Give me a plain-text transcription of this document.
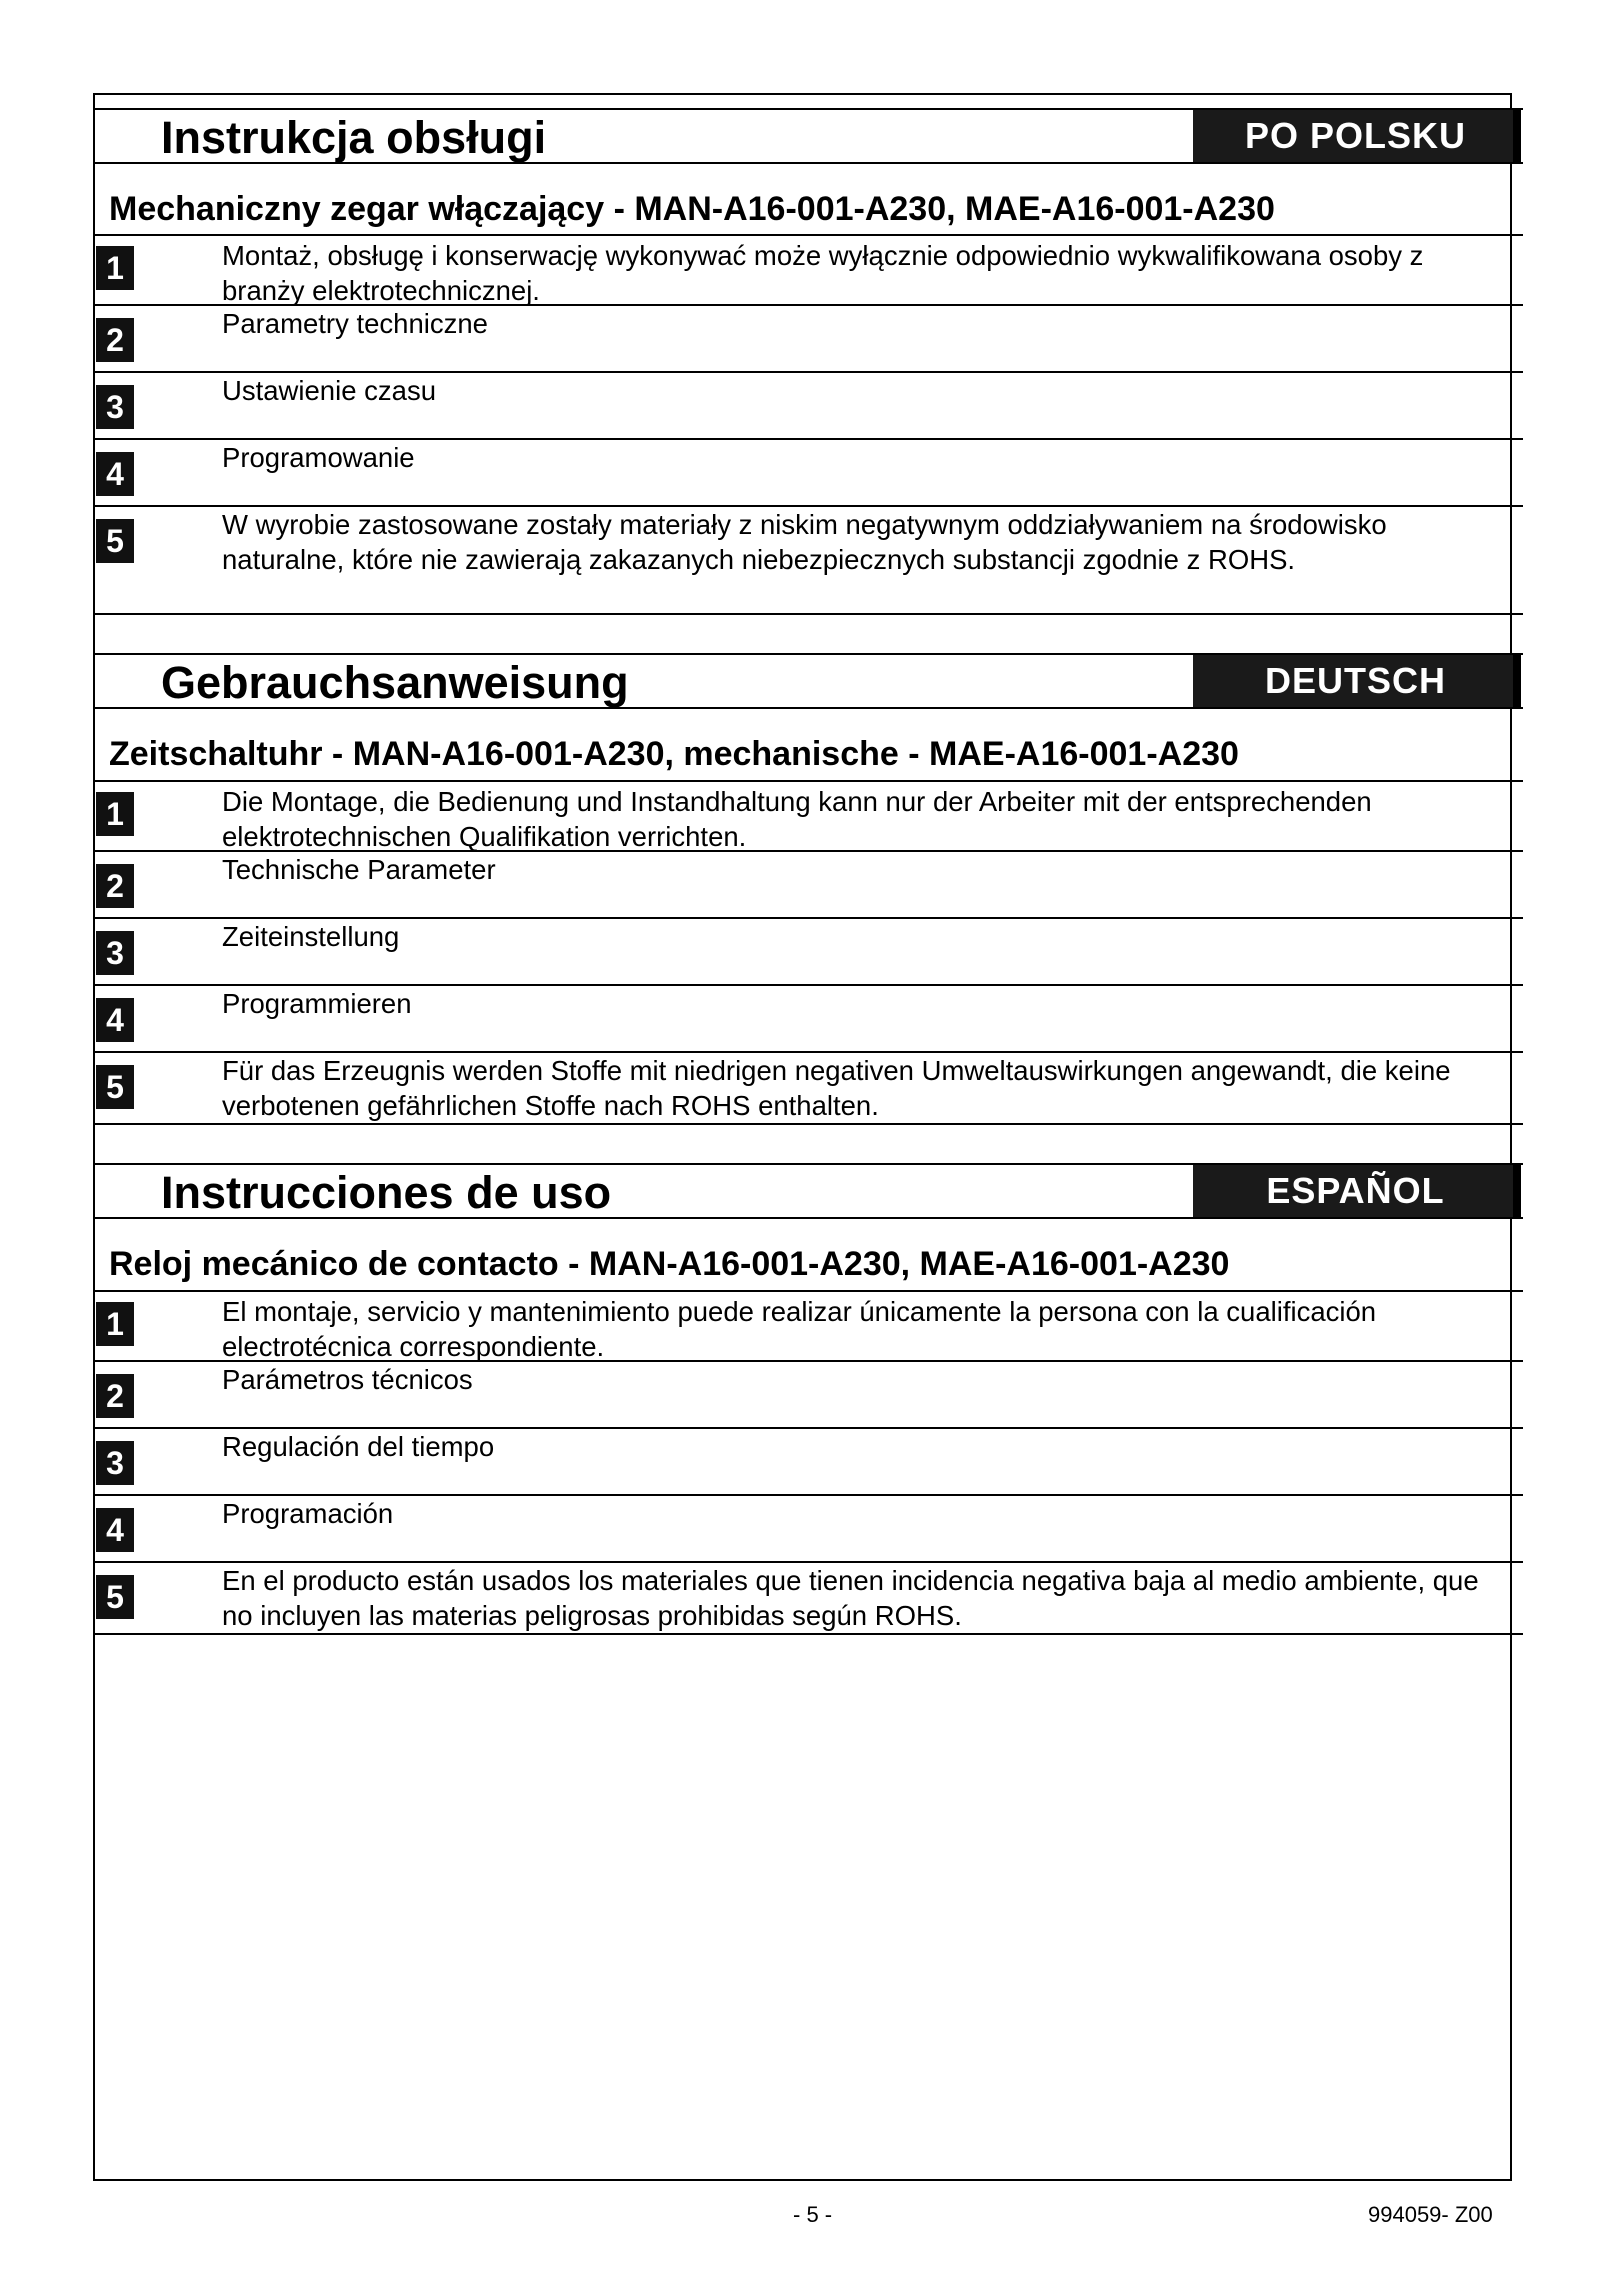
Instrukcja obsługi	PO POLSKU
Mechaniczny zegar włączający - MAN-A16-001-A230, MAE-A16-001-A230
1	Montaż, obsługę i konserwację wykonywać może wyłącznie odpowiednio wykwalifikowana osoby z branży elektrotechnicznej.
2	Parametry techniczne
3	Ustawienie czasu
4	Programowanie
5	W wyrobie zastosowane zostały materiały z niskim negatywnym oddziaływaniem na środowisko naturalne, które nie zawierają zakazanych niebezpiecznych substancji zgodnie z ROHS.
Gebrauchsanweisung	DEUTSCH
Zeitschaltuhr - MAN-A16-001-A230, mechanische - MAE-A16-001-A230
1	Die Montage, die Bedienung und Instandhaltung kann nur der Arbeiter mit der entsprechenden elektrotechnischen Qualifikation verrichten.
2	Technische Parameter
3	Zeiteinstellung
4	Programmieren
5	Für das Erzeugnis werden Stoffe mit niedrigen negativen Umweltauswirkungen angewandt, die keine verbotenen gefährlichen Stoffe nach ROHS enthalten.
Instrucciones de uso	ESPAÑOL
Reloj mecánico de contacto - MAN-A16-001-A230, MAE-A16-001-A230
1	El montaje, servicio y mantenimiento puede realizar únicamente la persona con la cualificación electrotécnica correspondiente.
2	Parámetros técnicos
3	Regulación del tiempo
4	Programación
5	En el producto están usados los materiales que tienen incidencia negativa baja al medio ambiente, que no incluyen las materias peligrosas prohibidas según ROHS.
- 5 -	994059- Z00
